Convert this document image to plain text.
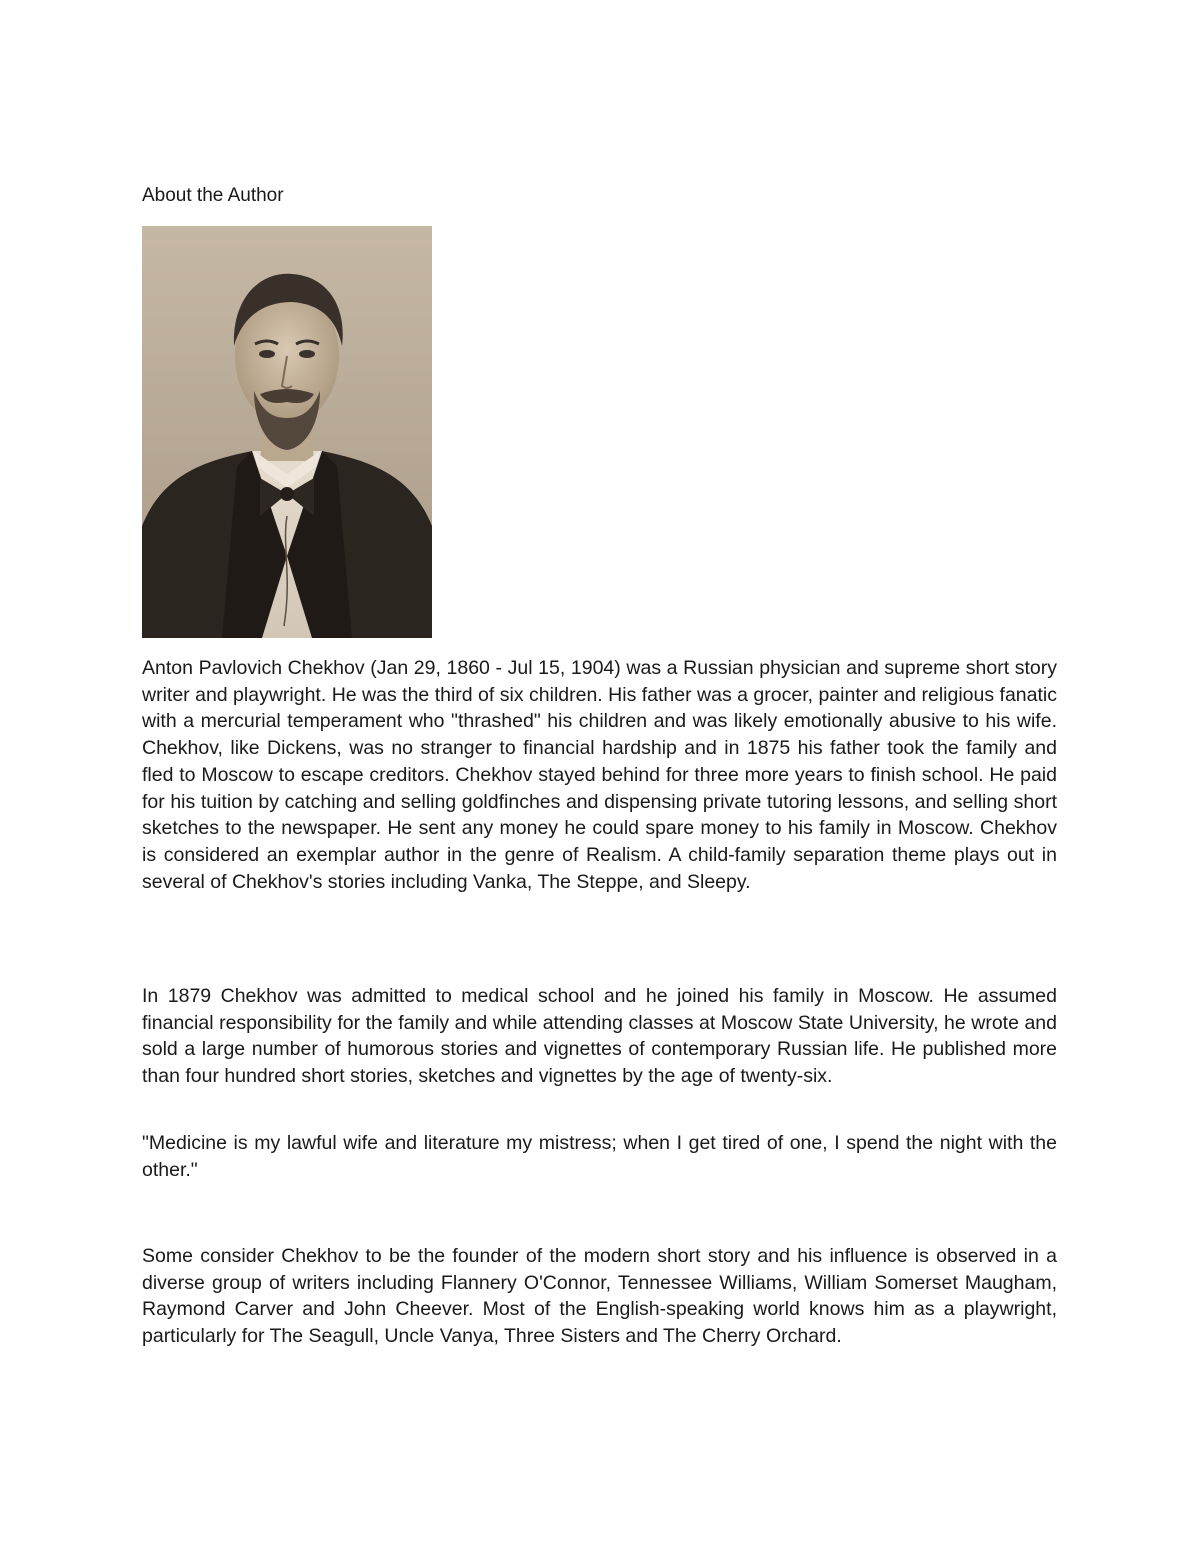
About the Author

Anton Pavlovich Chekhov (Jan 29, 1860 - Jul 15, 1904) was a Russian physician and supreme short story writer and playwright. He was the third of six children. His father was a grocer, painter and religious fanatic with a mercurial temperament who "thrashed" his children and was likely emotionally abusive to his wife. Chekhov, like Dickens, was no stranger to financial hardship and in 1875 his father took the family and fled to Moscow to escape creditors. Chekhov stayed behind for three more years to finish school. He paid for his tuition by catching and selling goldfinches and dispensing private tutoring lessons, and selling short sketches to the newspaper. He sent any money he could spare money to his family in Moscow. Chekhov is considered an exemplar author in the genre of Realism. A child-family separation theme plays out in several of Chekhov's stories including Vanka, The Steppe, and Sleepy.

In 1879 Chekhov was admitted to medical school and he joined his family in Moscow. He assumed financial responsibility for the family and while attending classes at Moscow State University, he wrote and sold a large number of humorous stories and vignettes of contemporary Russian life. He published more than four hundred short stories, sketches and vignettes by the age of twenty-six.

"Medicine is my lawful wife and literature my mistress; when I get tired of one, I spend the night with the other."

Some consider Chekhov to be the founder of the modern short story and his influence is observed in a diverse group of writers including Flannery O'Connor, Tennessee Williams, William Somerset Maugham, Raymond Carver and John Cheever. Most of the English-speaking world knows him as a playwright, particularly for The Seagull, Uncle Vanya, Three Sisters and The Cherry Orchard.
